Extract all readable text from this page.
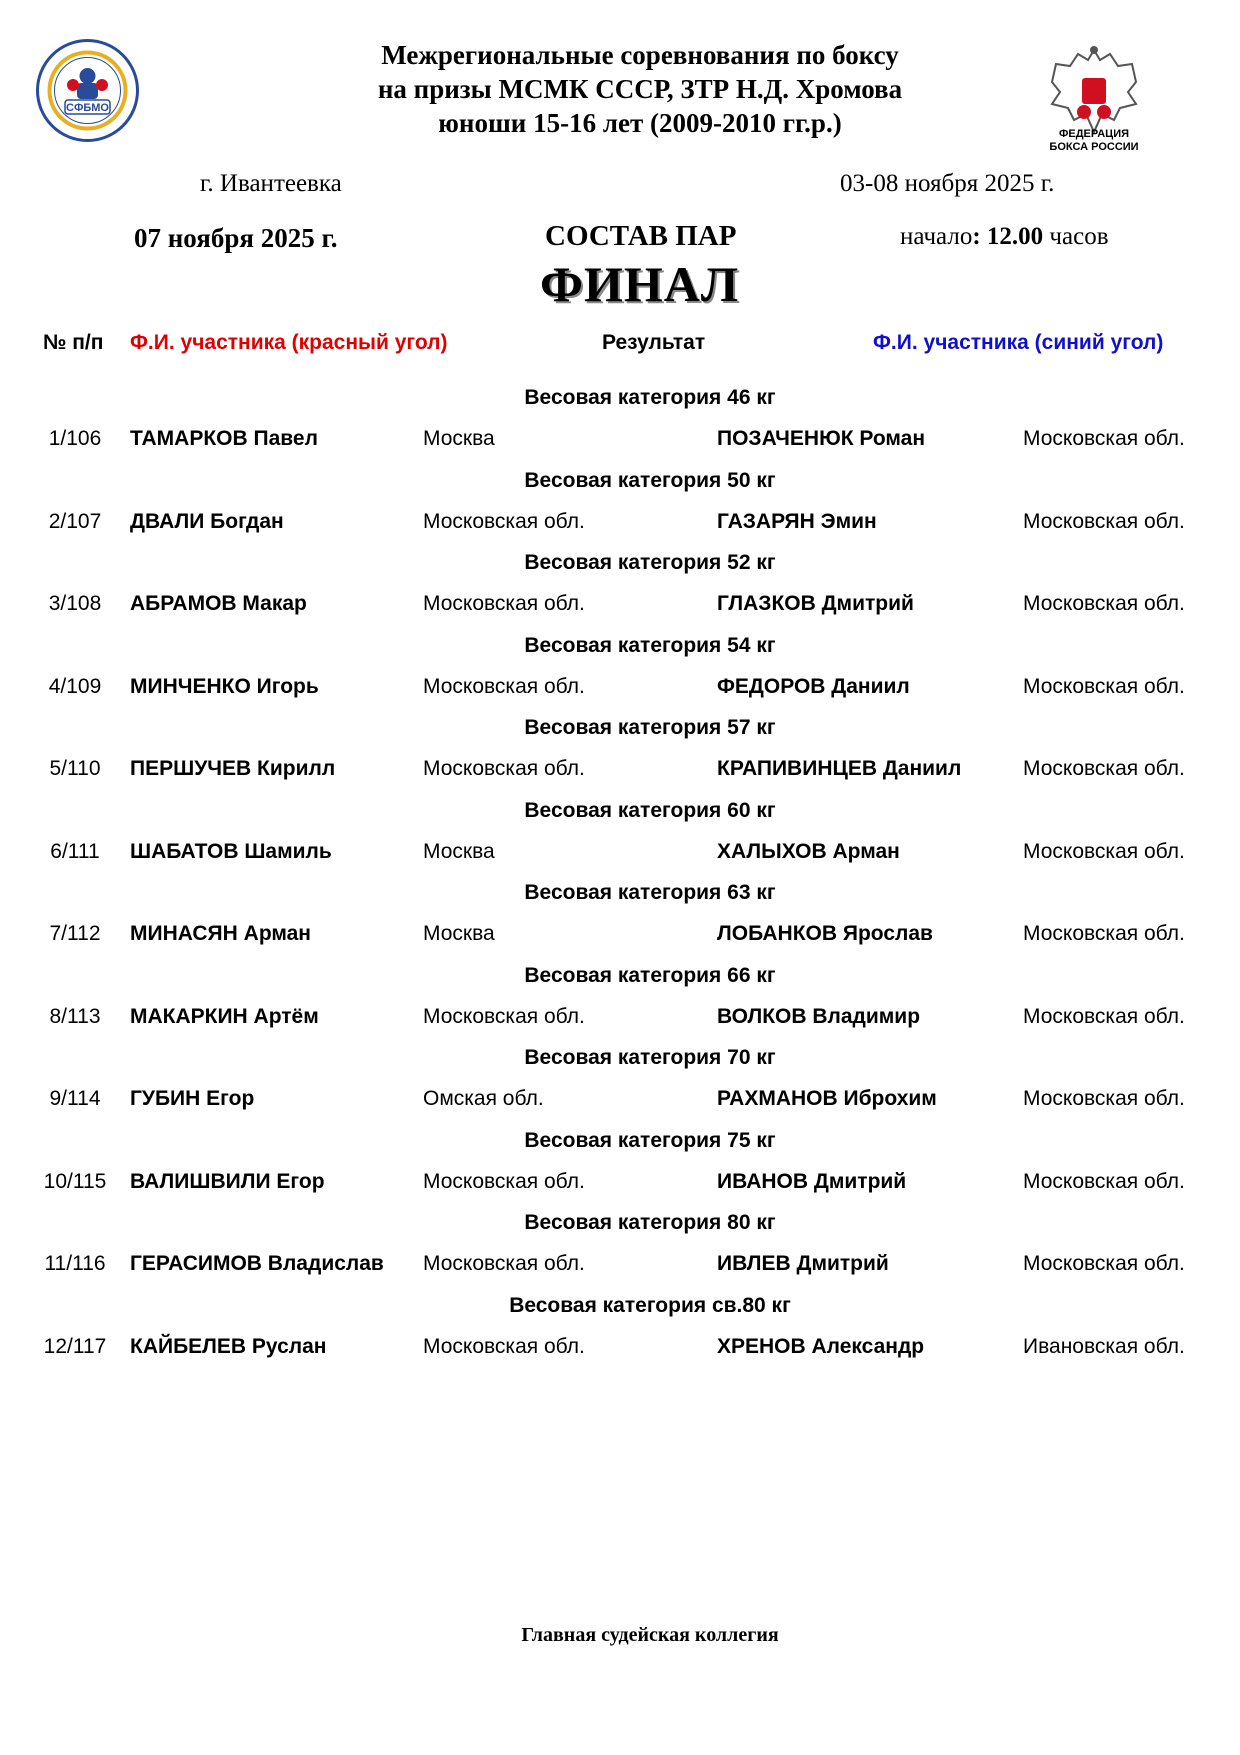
СФБМО
Межрегиональные соревнования по боксу
на призы МСМК СССР, ЗТР Н.Д. Хромова
юноши 15-16 лет (2009-2010 гг.р.)	ФЕДЕРАЦИЯ
БОКСА РОССИИ
г. Ивантеевка	03-08 ноября 2025 г.
07 ноября 2025 г.	СОСТАВ ПАР	начало: 12.00 часов
ФИНАЛ
№ п/п Ф.И. участника (красный угол)	Результат	Ф.И. участника (синий угол)
Весовая категория 46 кг
1/106	ТАМАРКОВ Павел	Москва	ПОЗАЧЕНЮК Роман	Московская обл.
Весовая категория 50 кг
2/107	ДВАЛИ Богдан	Московская обл.	ГАЗАРЯН Эмин	Московская обл.
Весовая категория 52 кг
3/108	АБРАМОВ Макар	Московская обл.	ГЛАЗКОВ Дмитрий	Московская обл.
Весовая категория 54 кг
4/109	МИНЧЕНКО Игорь	Московская обл.	ФЕДОРОВ Даниил	Московская обл.
Весовая категория 57 кг
5/110	ПЕРШУЧЕВ Кирилл	Московская обл.	КРАПИВИНЦЕВ Даниил	Московская обл.
Весовая категория 60 кг
6/111	ШАБАТОВ Шамиль	Москва	ХАЛЫХОВ Арман	Московская обл.
Весовая категория 63 кг
7/112	МИНАСЯН Арман	Москва	ЛОБАНКОВ Ярослав	Московская обл.
Весовая категория 66 кг
8/113	МАКАРКИН Артём	Московская обл.	ВОЛКОВ Владимир	Московская обл.
Весовая категория 70 кг
9/114	ГУБИН Егор	Омская обл.	РАХМАНОВ Иброхим	Московская обл.
Весовая категория 75 кг
10/115	ВАЛИШВИЛИ Егор	Московская обл.	ИВАНОВ Дмитрий	Московская обл.
Весовая категория 80 кг
11/116	ГЕРАСИМОВ Владислав Московская обл.	ИВЛЕВ Дмитрий	Московская обл.
Весовая категория св.80 кг
12/117	КАЙБЕЛЕВ Руслан	Московская обл.	ХРЕНОВ Александр	Ивановская обл.
Главная судейская коллегия
